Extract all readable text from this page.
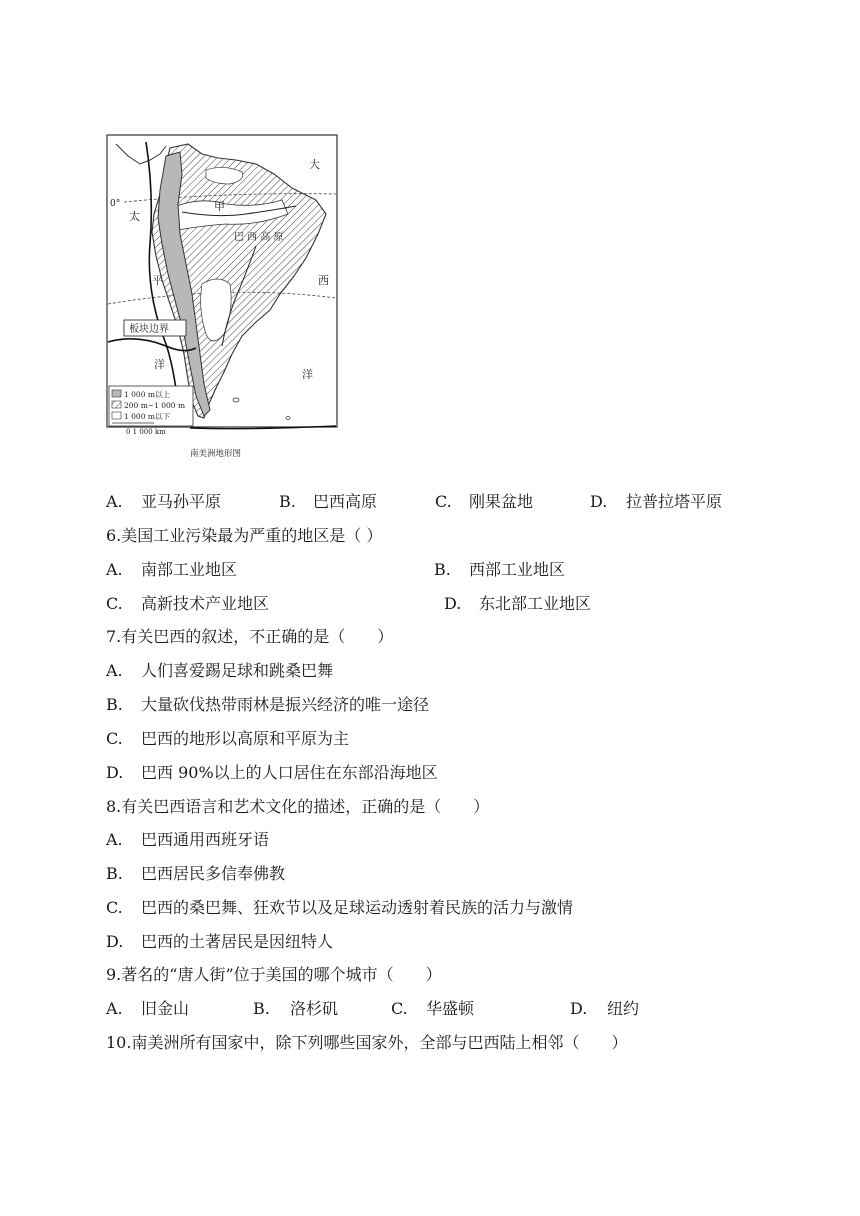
大
太
甲
巴 西 高 原
平	西
洋
洋
0°
板块边界
1 000 m以上
200 m~1 000 m
1 000 m以下
0 1 000 km
南美洲地形图
A. 亚马孙平原	B. 巴西高原	C. 刚果盆地	D. 拉普拉塔平原
6.美国工业污染最为严重的地区是（ ）
A. 南部工业地区	B. 西部工业地区
C. 高新技术产业地区	D. 东北部工业地区
7.有关巴西的叙述，不正确的是（　　）
A. 人们喜爱踢足球和跳桑巴舞
B. 大量砍伐热带雨林是振兴经济的唯一途径
C. 巴西的地形以高原和平原为主
D. 巴西 90%以上的人口居住在东部沿海地区
8.有关巴西语言和艺术文化的描述，正确的是（　　）
A. 巴西通用西班牙语
B. 巴西居民多信奉佛教
C. 巴西的桑巴舞、狂欢节以及足球运动透射着民族的活力与激情
D. 巴西的土著居民是因纽特人
9.著名的“唐人街”位于美国的哪个城市（　　）
A. 旧金山	B. 洛杉矶	C. 华盛顿	D. 纽约
10.南美洲所有国家中，除下列哪些国家外，全部与巴西陆上相邻（　　）
